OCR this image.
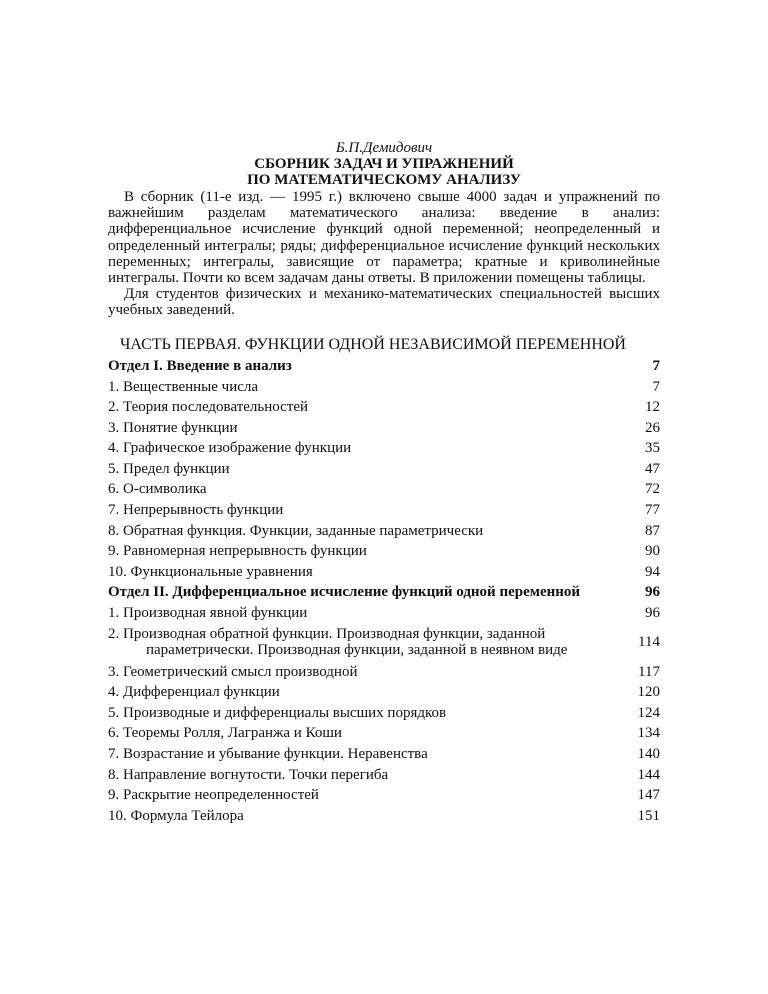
Б.П.Демидович

СБОРНИК ЗАДАЧ И УПРАЖНЕНИЙ

ПО МАТЕМАТИЧЕСКОМУ АНАЛИЗУ

В сборник (11-е изд. — 1995 г.) включено свыше 4000 задач и упражнений по важнейшим разделам математического анализа: введение в анализ: дифференциальное исчисление функций одной переменной; неопределенный и определенный интегралы; ряды; дифференциальное исчисление функций нескольких переменных; интегралы, зависящие от параметра; кратные и криволинейные интегралы. Почти ко всем задачам даны ответы. В приложении помещены таблицы.

Для студентов физических и механико-математических специальностей высших учебных заведений.

ЧАСТЬ ПЕРВАЯ. ФУНКЦИИ ОДНОЙ НЕЗАВИСИМОЙ ПЕРЕМЕННОЙ
Отдел I. Введение в анализ	7
1. Вещественные числа	7
2. Теория последовательностей	12
3. Понятие функции	26
4. Графическое изображение функции	35
5. Предел функции	47
6. О-символика	72
7. Непрерывность функции	77
8. Обратная функция. Функции, заданные параметрически	87
9. Равномерная непрерывность функции	90
10. Функциональные уравнения	94
Отдел II. Дифференциальное исчисление функций одной переменной	96
1. Производная явной функции	96
2. Производная обратной функции. Производная функции, заданной параметрически. Производная функции, заданной в неявном виде	114
3. Геометрический смысл производной	117
4. Дифференциал функции	120
5. Производные и дифференциалы высших порядков	124
6. Теоремы Ролля, Лагранжа и Коши	134
7. Возрастание и убывание функции. Неравенства	140
8. Направление вогнутости. Точки перегиба	144
9. Раскрытие неопределенностей	147
10. Формула Тейлора	151
